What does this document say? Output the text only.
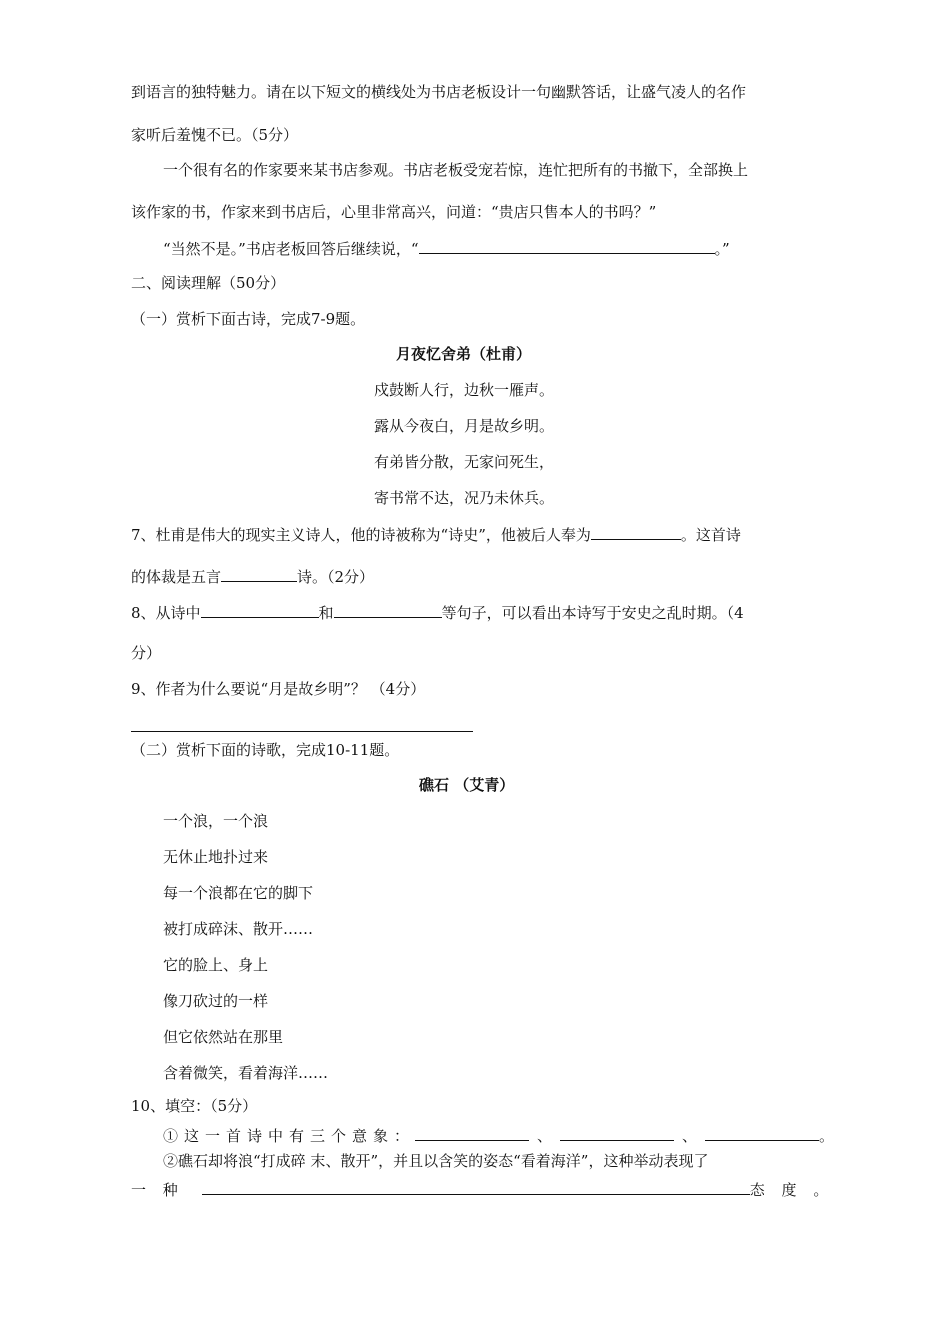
到语言的独特魅力。请在以下短文的横线处为书店老板设计一句幽默答话，让盛气凌人的名作
家听后羞愧不已。（5分）
一个很有名的作家要来某书店参观。书店老板受宠若惊，连忙把所有的书撤下，全部换上
该作家的书，作家来到书店后，心里非常高兴，问道：“贵店只售本人的书吗？”
“当然不是。”书店老板回答后继续说，“	。”
二、阅读理解（50分）
（一）赏析下面古诗，完成7-9题。
月夜忆舍弟（杜甫）
戍鼓断人行，边秋一雁声。
露从今夜白，月是故乡明。
有弟皆分散，无家问死生，
寄书常不达，况乃未休兵。
7、杜甫是伟大的现实主义诗人，他的诗被称为“诗史”，他被后人奉为	。这首诗
的体裁是五言	诗。（2分）
8、从诗中	和	等句子，可以看出本诗写于安史之乱时期。（4
分）
9、作者为什么要说“月是故乡明”？ （4分）
（二）赏析下面的诗歌，完成10-11题。
礁石 （艾青）
一个浪，一个浪
无休止地扑过来
每一个浪都在它的脚下
被打成碎沫、散开……
它的脸上、身上
像刀砍过的一样
但它依然站在那里
含着微笑，看着海洋……
10、填空：（5分）
①这一首诗中有三个意象：	、	、	。
②礁石却将浪“打成碎 末、散开”，并且以含笑的姿态“看着海洋”，这种举动表现了
一 种	态 度 。
